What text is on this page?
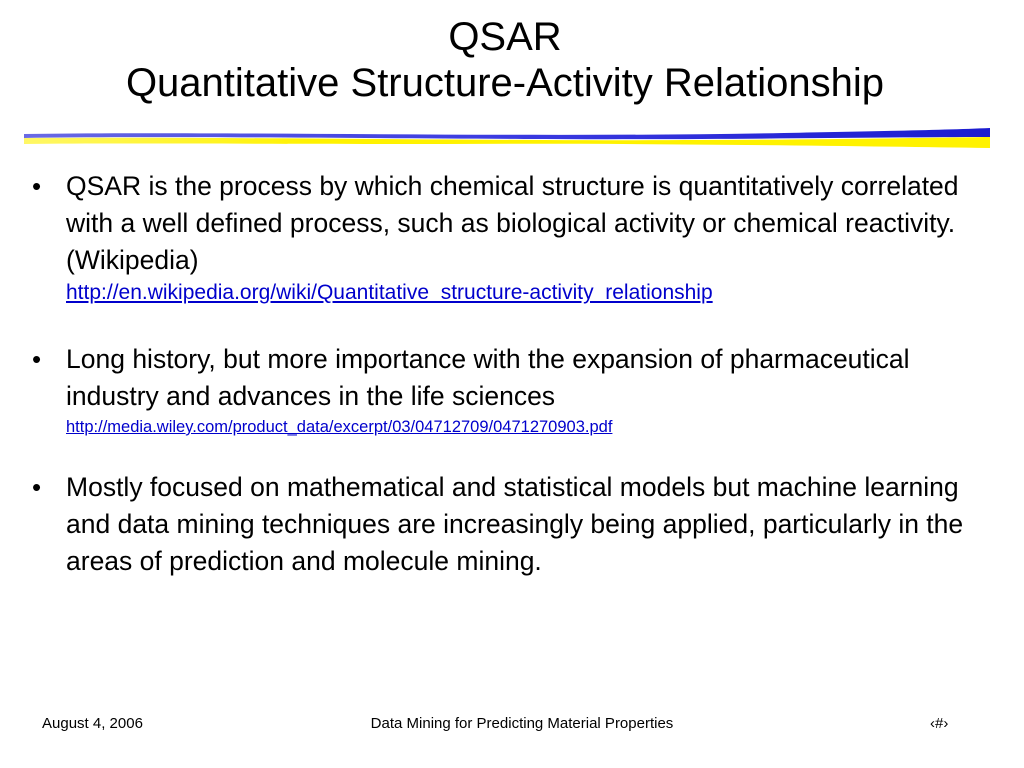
QSAR
Quantitative Structure-Activity Relationship
• QSAR is the process by which chemical structure is quantitatively correlated with a well defined process, such as biological activity or chemical reactivity. (Wikipedia)
http://en.wikipedia.org/wiki/Quantitative_structure-activity_relationship
• Long history, but more importance with the expansion of pharmaceutical industry and advances in the life sciences
http://media.wiley.com/product_data/excerpt/03/04712709/0471270903.pdf
• Mostly focused on mathematical and statistical models but machine learning and data mining techniques are increasingly being applied, particularly in the areas of prediction and molecule mining.
August 4, 2006	Data Mining for Predicting Material Properties	‹#›
